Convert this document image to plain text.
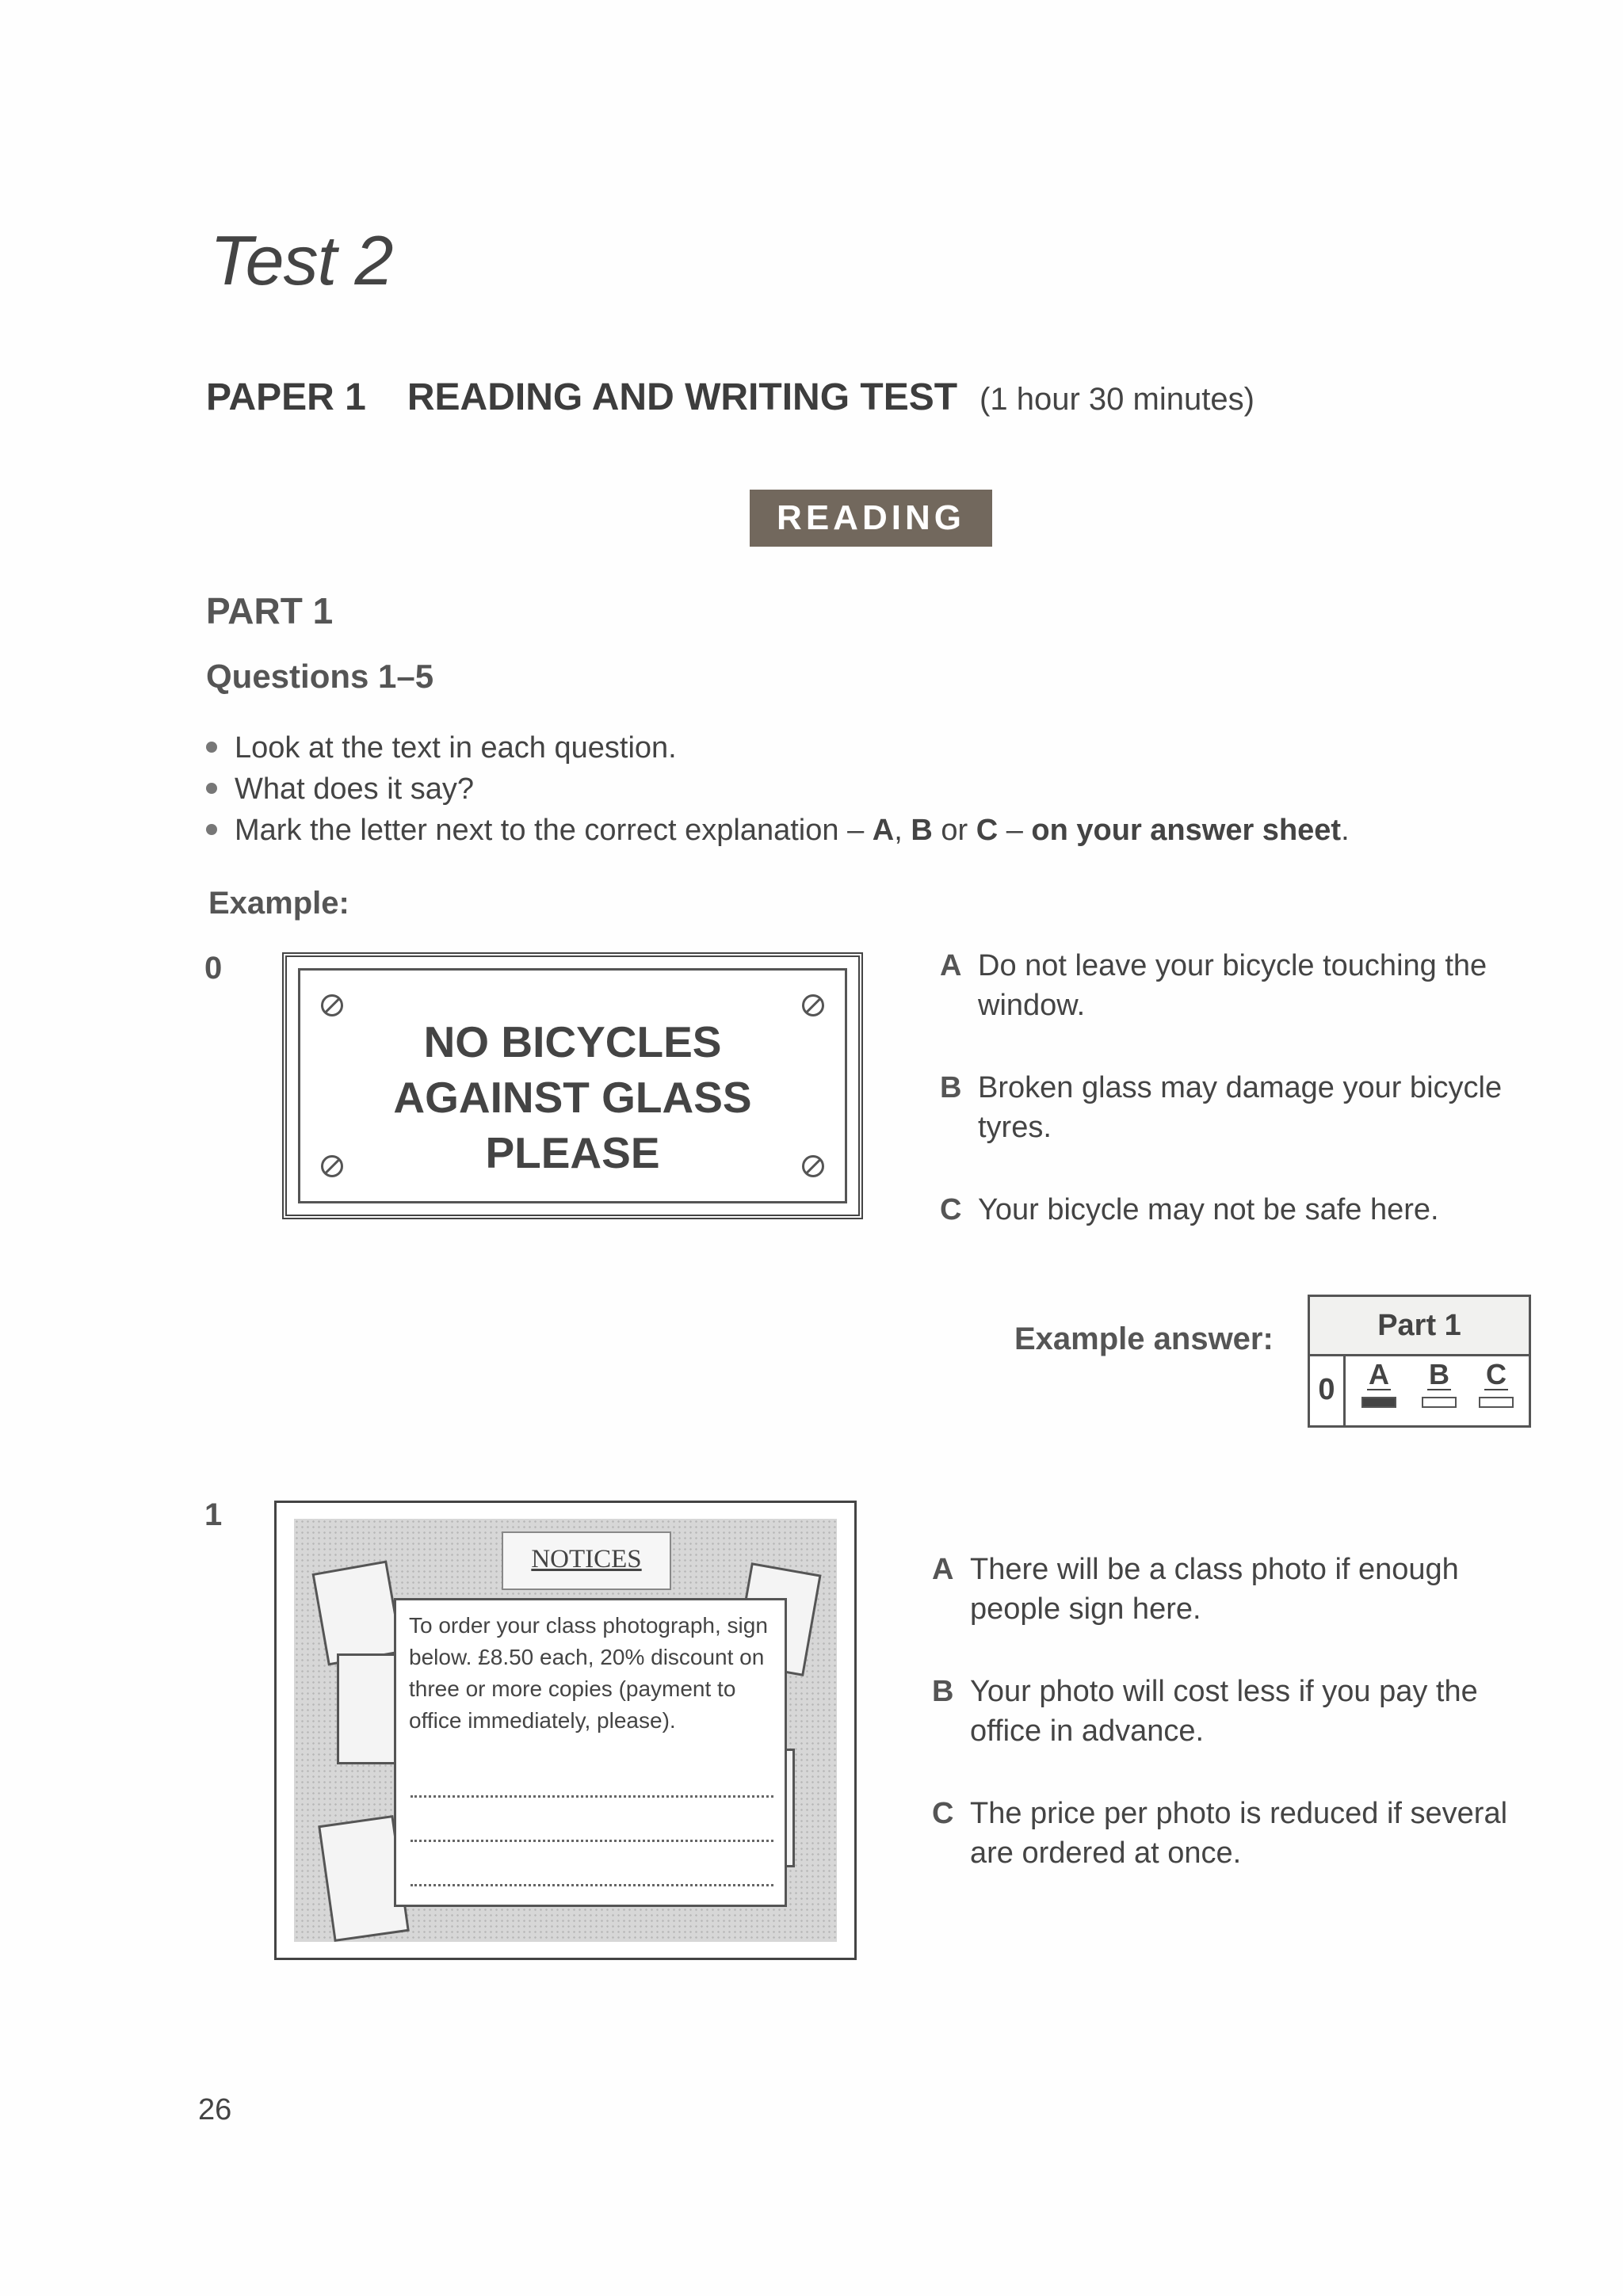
Test 2
PAPER 1 READING AND WRITING TEST (1 hour 30 minutes)
READING
PART 1
Questions 1–5
Look at the text in each question.
What does it say?
Mark the letter next to the correct explanation – A, B or C – on your answer sheet.
Example:
0
NO BICYCLES
AGAINST GLASS
PLEASE
A Do not leave your bicycle touching the window.
B Broken glass may damage your bicycle tyres.
C Your bicycle may not be safe here.
Example answer:	Part 1
0	A B C
1
NOTICES
To order your class photograph, sign below. £8.50 each, 20% discount on three or more copies (payment to office immediately, please).
A There will be a class photo if enough people sign here.
B Your photo will cost less if you pay the office in advance.
C The price per photo is reduced if several are ordered at once.
26
